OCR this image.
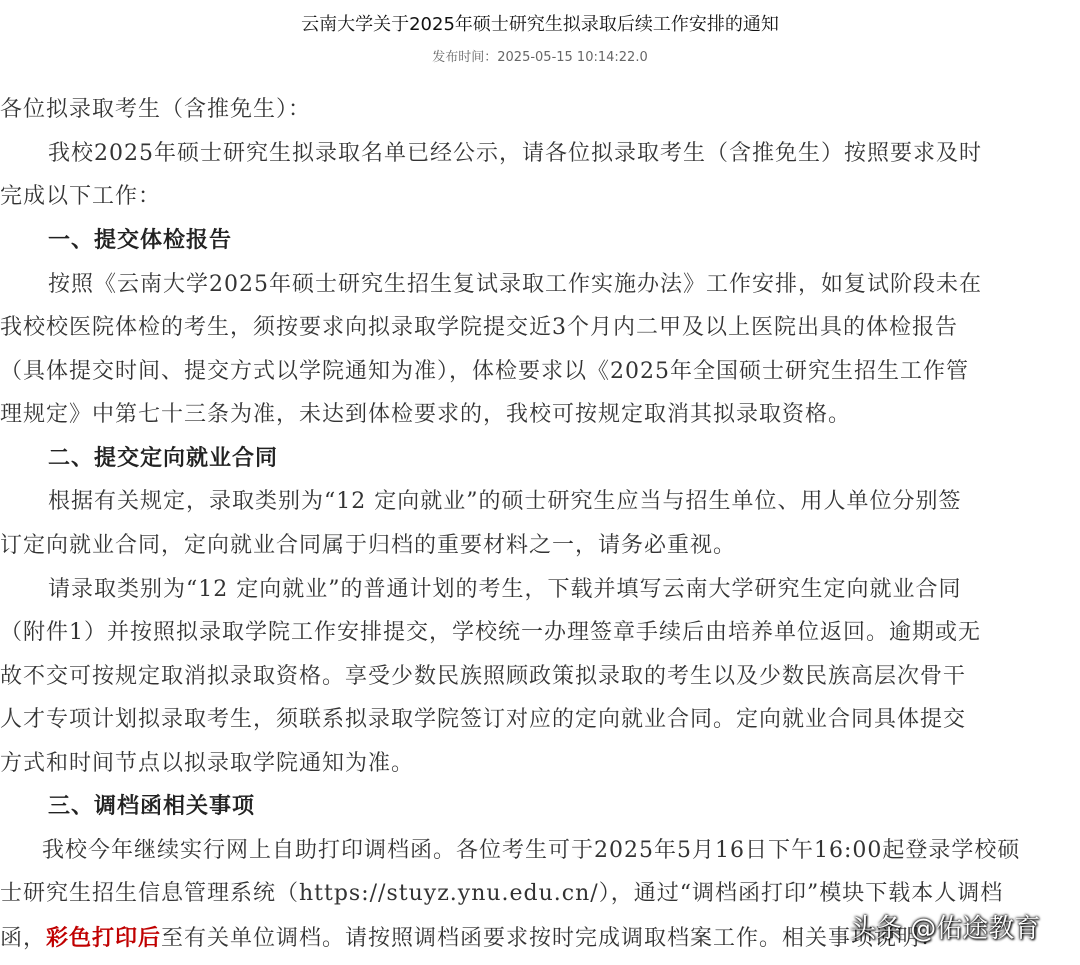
云南大学关于2025年硕士研究生拟录取后续工作安排的通知
发布时间：2025-05-15 10:14:22.0
各位拟录取考生（含推免生）：
我校2025年硕士研究生拟录取名单已经公示，请各位拟录取考生（含推免生）按照要求及时
完成以下工作：
一、提交体检报告
按照《云南大学2025年硕士研究生招生复试录取工作实施办法》工作安排，如复试阶段未在
我校校医院体检的考生，须按要求向拟录取学院提交近3个月内二甲及以上医院出具的体检报告
（具体提交时间、提交方式以学院通知为准），体检要求以《2025年全国硕士研究生招生工作管
理规定》中第七十三条为准，未达到体检要求的，我校可按规定取消其拟录取资格。
二、提交定向就业合同
根据有关规定，录取类别为“12 定向就业”的硕士研究生应当与招生单位、用人单位分别签
订定向就业合同，定向就业合同属于归档的重要材料之一，请务必重视。
请录取类别为“12 定向就业”的普通计划的考生，下载并填写云南大学研究生定向就业合同
（附件1）并按照拟录取学院工作安排提交，学校统一办理签章手续后由培养单位返回。逾期或无
故不交可按规定取消拟录取资格。享受少数民族照顾政策拟录取的考生以及少数民族高层次骨干
人才专项计划拟录取考生，须联系拟录取学院签订对应的定向就业合同。定向就业合同具体提交
方式和时间节点以拟录取学院通知为准。
三、调档函相关事项
我校今年继续实行网上自助打印调档函。各位考生可于2025年5月16日下午16:00起登录学校硕
士研究生招生信息管理系统（https://stuyz.ynu.edu.cn/），通过“调档函打印”模块下载本人调档
函，彩色打印后至有关单位调档。请按照调档函要求按时完成调取档案工作。相关事项说明：
头条 @佑途教育
